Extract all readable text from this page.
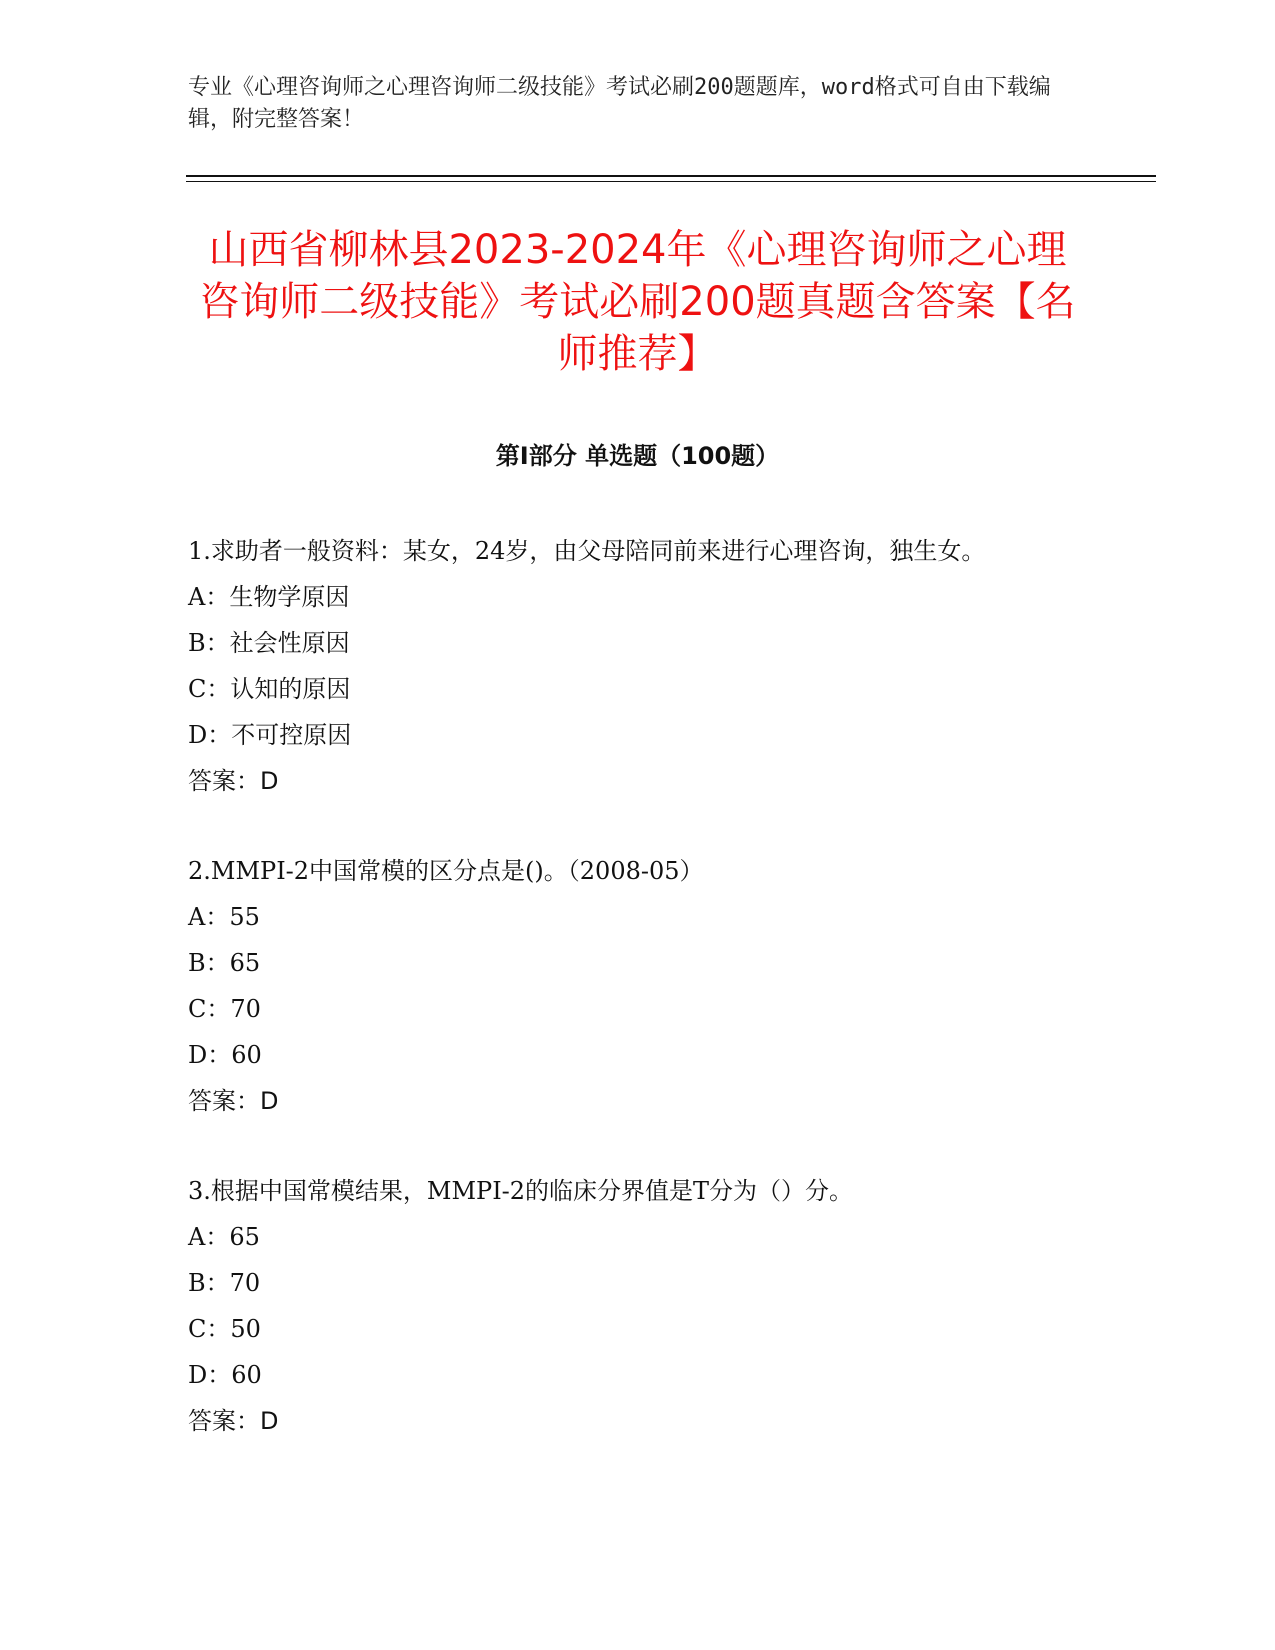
专业《心理咨询师之心理咨询师二级技能》考试必刷200题题库，word格式可自由下载编辑，附完整答案！
山西省柳林县2023-2024年《心理咨询师之心理咨询师二级技能》考试必刷200题真题含答案【名师推荐】
第Ⅰ部分 单选题（100题）

1.求助者一般资料：某女，24岁，由父母陪同前来进行心理咨询，独生女。

A：生物学原因

B：社会性原因

C：认知的原因

D：不可控原因

答案：D

2.MMPI-2中国常模的区分点是()。（2008-05）

A：55

B：65

C：70

D：60

答案：D

3.根据中国常模结果，MMPI-2的临床分界值是T分为（）分。

A：65

B：70

C：50

D：60

答案：D
